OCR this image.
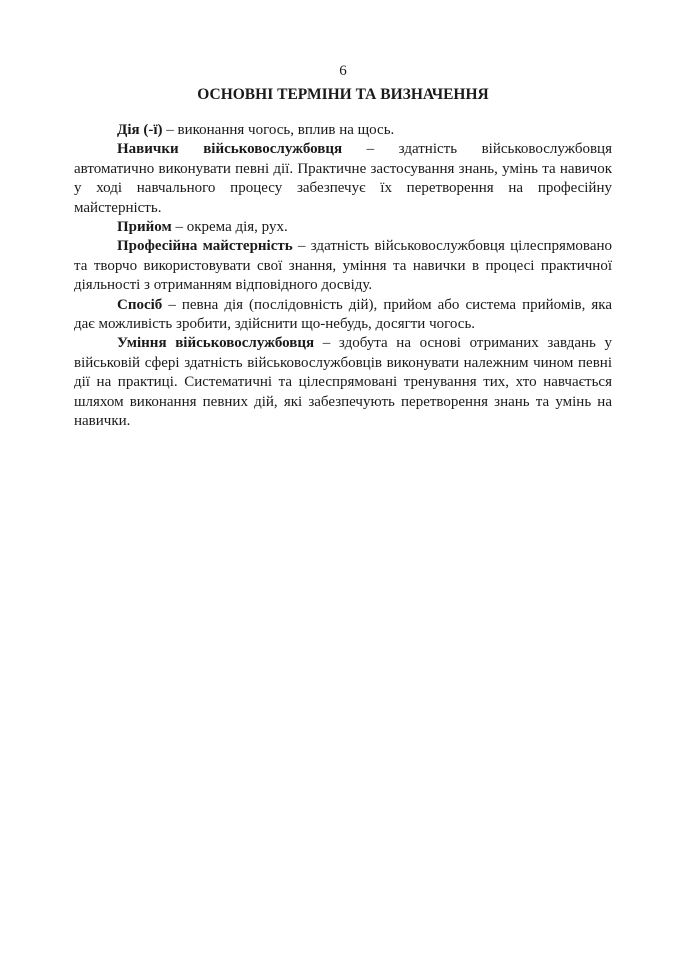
6
ОСНОВНІ ТЕРМІНИ ТА ВИЗНАЧЕННЯ

Дія (-ї) – виконання чогось, вплив на щось.

Навички військовослужбовця – здатність військовослужбовця автоматично виконувати певні дії. Практичне застосування знань, умінь та навичок у ході навчального процесу забезпечує їх перетворення на професійну майстерність.

Прийом – окрема дія, рух.

Професійна майстерність – здатність військовослужбовця цілеспрямовано та творчо використовувати свої знання, уміння та навички в процесі практичної діяльності з отриманням відповідного досвіду.

Спосіб – певна дія (послідовність дій), прийом або система прийомів, яка дає можливість зробити, здійснити що-небудь, досягти чогось.

Уміння військовослужбовця – здобута на основі отриманих завдань у військовій сфері здатність військовослужбовців виконувати належним чином певні дії на практиці. Систематичні та цілеспрямовані тренування тих, хто навчається шляхом виконання певних дій, які забезпечують перетворення знань та умінь на навички.
